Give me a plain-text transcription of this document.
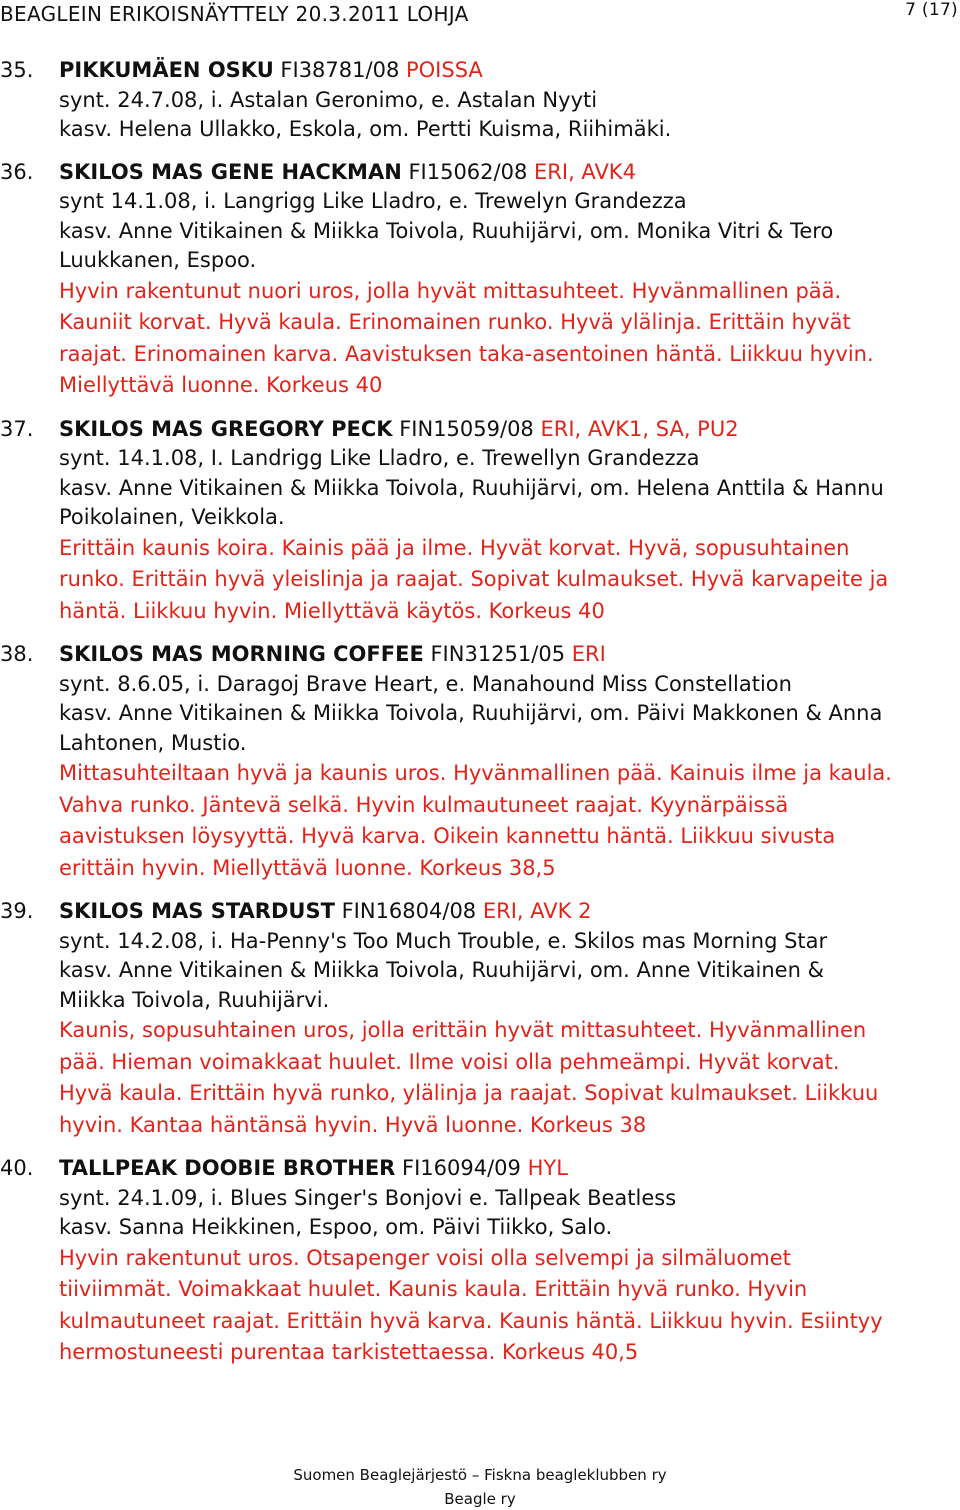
BEAGLEIN ERIKOISNÄYTTELY 20.3.2011 LOHJA	7 (17)
35. PIKKUMÄEN OSKU FI38781/08 POISSA
synt. 24.7.08, i. Astalan Geronimo, e. Astalan Nyyti
kasv. Helena Ullakko, Eskola, om. Pertti Kuisma, Riihimäki.
36. SKILOS MAS GENE HACKMAN FI15062/08 ERI, AVK4
synt 14.1.08, i. Langrigg Like Lladro, e. Trewelyn Grandezza
kasv. Anne Vitikainen & Miikka Toivola, Ruuhijärvi, om. Monika Vitri & Tero
Luukkanen, Espoo.
Hyvin rakentunut nuori uros, jolla hyvät mittasuhteet. Hyvänmallinen pää.
Kauniit korvat. Hyvä kaula. Erinomainen runko. Hyvä ylälinja. Erittäin hyvät
raajat. Erinomainen karva. Aavistuksen taka-asentoinen häntä. Liikkuu hyvin.
Miellyttävä luonne. Korkeus 40
37. SKILOS MAS GREGORY PECK FIN15059/08 ERI, AVK1, SA, PU2
synt. 14.1.08, I. Landrigg Like Lladro, e. Trewellyn Grandezza
kasv. Anne Vitikainen & Miikka Toivola, Ruuhijärvi, om. Helena Anttila & Hannu
Poikolainen, Veikkola.
Erittäin kaunis koira. Kainis pää ja ilme. Hyvät korvat. Hyvä, sopusuhtainen
runko. Erittäin hyvä yleislinja ja raajat. Sopivat kulmaukset. Hyvä karvapeite ja
häntä. Liikkuu hyvin. Miellyttävä käytös. Korkeus 40
38. SKILOS MAS MORNING COFFEE FIN31251/05 ERI
synt. 8.6.05, i. Daragoj Brave Heart, e. Manahound Miss Constellation
kasv. Anne Vitikainen & Miikka Toivola, Ruuhijärvi, om. Päivi Makkonen & Anna
Lahtonen, Mustio.
Mittasuhteiltaan hyvä ja kaunis uros. Hyvänmallinen pää. Kainuis ilme ja kaula.
Vahva runko. Jäntevä selkä. Hyvin kulmautuneet raajat. Kyynärpäissä
aavistuksen löysyyttä. Hyvä karva. Oikein kannettu häntä. Liikkuu sivusta
erittäin hyvin. Miellyttävä luonne. Korkeus 38,5
39. SKILOS MAS STARDUST FIN16804/08 ERI, AVK 2
synt. 14.2.08, i. Ha-Penny's Too Much Trouble, e. Skilos mas Morning Star
kasv. Anne Vitikainen & Miikka Toivola, Ruuhijärvi, om. Anne Vitikainen &
Miikka Toivola, Ruuhijärvi.
Kaunis, sopusuhtainen uros, jolla erittäin hyvät mittasuhteet. Hyvänmallinen
pää. Hieman voimakkaat huulet. Ilme voisi olla pehmeämpi. Hyvät korvat.
Hyvä kaula. Erittäin hyvä runko, ylälinja ja raajat. Sopivat kulmaukset. Liikkuu
hyvin. Kantaa häntänsä hyvin. Hyvä luonne. Korkeus 38
40. TALLPEAK DOOBIE BROTHER FI16094/09 HYL
synt. 24.1.09, i. Blues Singer's Bonjovi e. Tallpeak Beatless
kasv. Sanna Heikkinen, Espoo, om. Päivi Tiikko, Salo.
Hyvin rakentunut uros. Otsapenger voisi olla selvempi ja silmäluomet
tiiviimmät. Voimakkaat huulet. Kaunis kaula. Erittäin hyvä runko. Hyvin
kulmautuneet raajat. Erittäin hyvä karva. Kaunis häntä. Liikkuu hyvin. Esiintyy
hermostuneesti purentaa tarkistettaessa. Korkeus 40,5
Suomen Beaglejärjestö – Fiskna beagleklubben ry
Beagle ry
